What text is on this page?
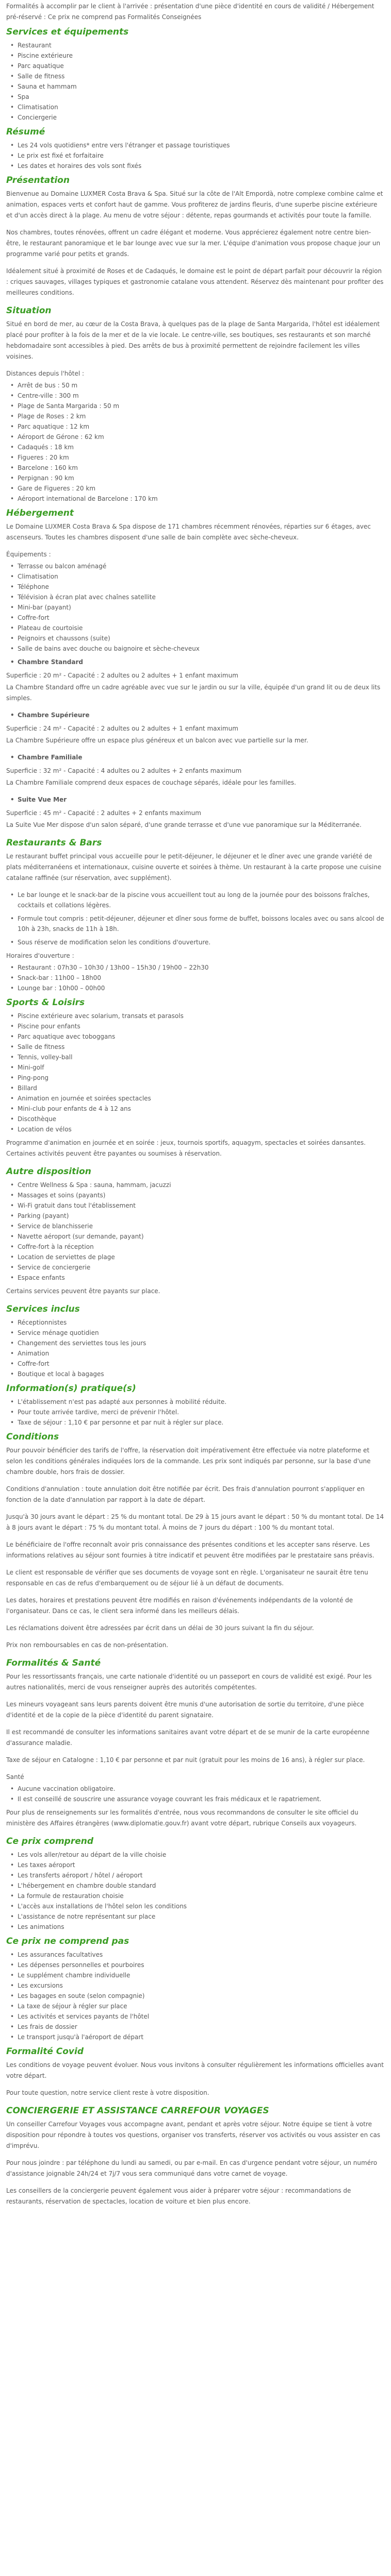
Formalités à accomplir par le client à l'arrivée : présentation d'une pièce d'identité en cours de validité / Hébergement pré-réservé : Ce prix ne comprend pas Formalités Conseignées

Services et équipements
• Restaurant
• Piscine extérieure
• Parc aquatique
• Salle de fitness
• Sauna et hammam
• Spa
• Climatisation
• Conciergerie
Résumé
• Les 24 vols quotidiens* entre vers l'étranger et passage touristiques
• Le prix est fixé et forfaitaire
• Les dates et horaires des vols sont fixés
Présentation

Bienvenue au Domaine LUXMER Costa Brava & Spa. Situé sur la côte de l'Alt Empordà, notre complexe combine calme et animation, espaces verts et confort haut de gamme. Vous profiterez de jardins fleuris, d'une superbe piscine extérieure et d'un accès direct à la plage. Au menu de votre séjour : détente, repas gourmands et activités pour toute la famille.

Nos chambres, toutes rénovées, offrent un cadre élégant et moderne. Vous apprécierez également notre centre bien-être, le restaurant panoramique et le bar lounge avec vue sur la mer. L'équipe d'animation vous propose chaque jour un programme varié pour petits et grands.

Idéalement situé à proximité de Roses et de Cadaqués, le domaine est le point de départ parfait pour découvrir la région : criques sauvages, villages typiques et gastronomie catalane vous attendent. Réservez dès maintenant pour profiter des meilleures conditions.

Situation

Situé en bord de mer, au cœur de la Costa Brava, à quelques pas de la plage de Santa Margarida, l'hôtel est idéalement placé pour profiter à la fois de la mer et de la vie locale. Le centre-ville, ses boutiques, ses restaurants et son marché hebdomadaire sont accessibles à pied. Des arrêts de bus à proximité permettent de rejoindre facilement les villes voisines.

Distances depuis l'hôtel :

• Arrêt de bus : 50 m
• Centre-ville : 300 m
• Plage de Santa Margarida : 50 m
• Plage de Roses : 2 km
• Parc aquatique : 12 km
• Aéroport de Gérone : 62 km
• Cadaqués : 18 km
• Figueres : 20 km
• Barcelone : 160 km
• Perpignan : 90 km
• Gare de Figueres : 20 km
• Aéroport international de Barcelone : 170 km
Hébergement

Le Domaine LUXMER Costa Brava & Spa dispose de 171 chambres récemment rénovées, réparties sur 6 étages, avec ascenseurs. Toutes les chambres disposent d'une salle de bain complète avec sèche-cheveux.

Équipements :

• Terrasse ou balcon aménagé
• Climatisation
• Téléphone
• Télévision à écran plat avec chaînes satellite
• Mini-bar (payant)
• Coffre-fort
• Plateau de courtoisie
• Peignoirs et chaussons (suite)
• Salle de bains avec douche ou baignoire et sèche-cheveux
• Chambre Standard

Superficie : 20 m² - Capacité : 2 adultes ou 2 adultes + 1 enfant maximum

La Chambre Standard offre un cadre agréable avec vue sur le jardin ou sur la ville, équipée d'un grand lit ou de deux lits simples.

• Chambre Supérieure

Superficie : 24 m² - Capacité : 2 adultes ou 2 adultes + 1 enfant maximum

La Chambre Supérieure offre un espace plus généreux et un balcon avec vue partielle sur la mer.

• Chambre Familiale

Superficie : 32 m² - Capacité : 4 adultes ou 2 adultes + 2 enfants maximum

La Chambre Familiale comprend deux espaces de couchage séparés, idéale pour les familles.

• Suite Vue Mer

Superficie : 45 m² - Capacité : 2 adultes + 2 enfants maximum

La Suite Vue Mer dispose d'un salon séparé, d'une grande terrasse et d'une vue panoramique sur la Méditerranée.

Restaurants & Bars

Le restaurant buffet principal vous accueille pour le petit-déjeuner, le déjeuner et le dîner avec une grande variété de plats méditerranéens et internationaux, cuisine ouverte et soirées à thème. Un restaurant à la carte propose une cuisine catalane raffinée (sur réservation, avec supplément).

• Le bar lounge et le snack-bar de la piscine vous accueillent tout au long de la journée pour des boissons fraîches, cocktails et collations légères.
• Formule tout compris : petit-déjeuner, déjeuner et dîner sous forme de buffet, boissons locales avec ou sans alcool de 10h à 23h, snacks de 11h à 18h.
• Sous réserve de modification selon les conditions d'ouverture.

Horaires d'ouverture :

• Restaurant : 07h30 – 10h30 / 13h00 – 15h30 / 19h00 – 22h30
• Snack-bar : 11h00 – 18h00
• Lounge bar : 10h00 – 00h00
Sports & Loisirs
• Piscine extérieure avec solarium, transats et parasols
• Piscine pour enfants
• Parc aquatique avec toboggans
• Salle de fitness
• Tennis, volley-ball
• Mini-golf
• Ping-pong
• Billard
• Animation en journée et soirées spectacles
• Mini-club pour enfants de 4 à 12 ans
• Discothèque
• Location de vélos

Programme d'animation en journée et en soirée : jeux, tournois sportifs, aquagym, spectacles et soirées dansantes. Certaines activités peuvent être payantes ou soumises à réservation.

Autre disposition
• Centre Wellness & Spa : sauna, hammam, jacuzzi
• Massages et soins (payants)
• Wi-Fi gratuit dans tout l'établissement
• Parking (payant)
• Service de blanchisserie
• Navette aéroport (sur demande, payant)
• Coffre-fort à la réception
• Location de serviettes de plage
• Service de conciergerie
• Espace enfants

Certains services peuvent être payants sur place.

Services inclus
• Réceptionnistes
• Service ménage quotidien
• Changement des serviettes tous les jours
• Animation
• Coffre-fort
• Boutique et local à bagages
Information(s) pratique(s)
• L'établissement n'est pas adapté aux personnes à mobilité réduite.
• Pour toute arrivée tardive, merci de prévenir l'hôtel.
• Taxe de séjour : 1,10 € par personne et par nuit à régler sur place.
Conditions

Pour pouvoir bénéficier des tarifs de l'offre, la réservation doit impérativement être effectuée via notre plateforme et selon les conditions générales indiquées lors de la commande. Les prix sont indiqués par personne, sur la base d'une chambre double, hors frais de dossier.

Conditions d'annulation : toute annulation doit être notifiée par écrit. Des frais d'annulation pourront s'appliquer en fonction de la date d'annulation par rapport à la date de départ.

Jusqu'à 30 jours avant le départ : 25 % du montant total. De 29 à 15 jours avant le départ : 50 % du montant total. De 14 à 8 jours avant le départ : 75 % du montant total. À moins de 7 jours du départ : 100 % du montant total.

Le bénéficiaire de l'offre reconnaît avoir pris connaissance des présentes conditions et les accepter sans réserve. Les informations relatives au séjour sont fournies à titre indicatif et peuvent être modifiées par le prestataire sans préavis.

Le client est responsable de vérifier que ses documents de voyage sont en règle. L'organisateur ne saurait être tenu responsable en cas de refus d'embarquement ou de séjour lié à un défaut de documents.

Les dates, horaires et prestations peuvent être modifiés en raison d'événements indépendants de la volonté de l'organisateur. Dans ce cas, le client sera informé dans les meilleurs délais.

Les réclamations doivent être adressées par écrit dans un délai de 30 jours suivant la fin du séjour.

Prix non remboursables en cas de non-présentation.

Formalités & Santé

Pour les ressortissants français, une carte nationale d'identité ou un passeport en cours de validité est exigé. Pour les autres nationalités, merci de vous renseigner auprès des autorités compétentes.

Les mineurs voyageant sans leurs parents doivent être munis d'une autorisation de sortie du territoire, d'une pièce d'identité et de la copie de la pièce d'identité du parent signataire.

Il est recommandé de consulter les informations sanitaires avant votre départ et de se munir de la carte européenne d'assurance maladie.

Taxe de séjour en Catalogne : 1,10 € par personne et par nuit (gratuit pour les moins de 16 ans), à régler sur place.

Santé

• Aucune vaccination obligatoire.
• Il est conseillé de souscrire une assurance voyage couvrant les frais médicaux et le rapatriement.

Pour plus de renseignements sur les formalités d'entrée, nous vous recommandons de consulter le site officiel du ministère des Affaires étrangères (www.diplomatie.gouv.fr) avant votre départ, rubrique Conseils aux voyageurs.

Ce prix comprend
• Les vols aller/retour au départ de la ville choisie
• Les taxes aéroport
• Les transferts aéroport / hôtel / aéroport
• L'hébergement en chambre double standard
• La formule de restauration choisie
• L'accès aux installations de l'hôtel selon les conditions
• L'assistance de notre représentant sur place
• Les animations
Ce prix ne comprend pas
• Les assurances facultatives
• Les dépenses personnelles et pourboires
• Le supplément chambre individuelle
• Les excursions
• Les bagages en soute (selon compagnie)
• La taxe de séjour à régler sur place
• Les activités et services payants de l'hôtel
• Les frais de dossier
• Le transport jusqu'à l'aéroport de départ
Formalité Covid

Les conditions de voyage peuvent évoluer. Nous vous invitons à consulter régulièrement les informations officielles avant votre départ.

Pour toute question, notre service client reste à votre disposition.

CONCIERGERIE ET ASSISTANCE CARREFOUR VOYAGES

Un conseiller Carrefour Voyages vous accompagne avant, pendant et après votre séjour. Notre équipe se tient à votre disposition pour répondre à toutes vos questions, organiser vos transferts, réserver vos activités ou vous assister en cas d'imprévu.

Pour nous joindre : par téléphone du lundi au samedi, ou par e-mail. En cas d'urgence pendant votre séjour, un numéro d'assistance joignable 24h/24 et 7j/7 vous sera communiqué dans votre carnet de voyage.

Les conseillers de la conciergerie peuvent également vous aider à préparer votre séjour : recommandations de restaurants, réservation de spectacles, location de voiture et bien plus encore.
